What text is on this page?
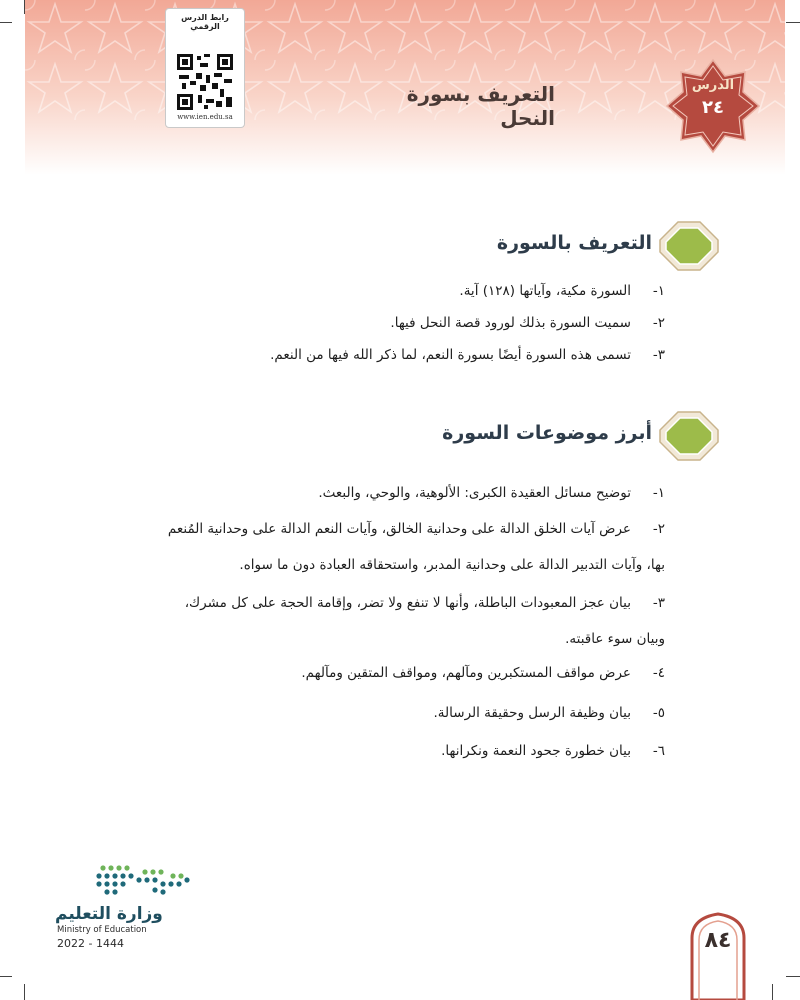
رابط الدرس الرقمي
www.ien.edu.sa
التعريف بسورة النحل
الدرس
٢٤
التعريف بالسورة
١-
السورة مكية، وآياتها (١٢٨) آية.
٢-
سميت السورة بذلك لورود قصة النحل فيها.
٣-
تسمى هذه السورة أيضًا بسورة النعم، لما ذكر الله فيها من النعم.
أبرز موضوعات السورة
١-
توضيح مسائل العقيدة الكبرى: الألوهية، والوحي، والبعث.
٢-
عرض آيات الخلق الدالة على وحدانية الخالق، وآيات النعم الدالة على وحدانية المُنعم
بها، وآيات التدبير الدالة على وحدانية المدبر، واستحقاقه العبادة دون ما سواه.
٣-
بيان عجز المعبودات الباطلة، وأنها لا تنفع ولا تضر، وإقامة الحجة على كل مشرك،
وبيان سوء عاقبته.
٤-
عرض مواقف المستكبرين ومآلهم، ومواقف المتقين ومآلهم.
٥-
بيان وظيفة الرسل وحقيقة الرسالة.
٦-
بيان خطورة جحود النعمة ونكرانها.
وزارة التعليم
Ministry of Education
2022 - 1444	٨٤
